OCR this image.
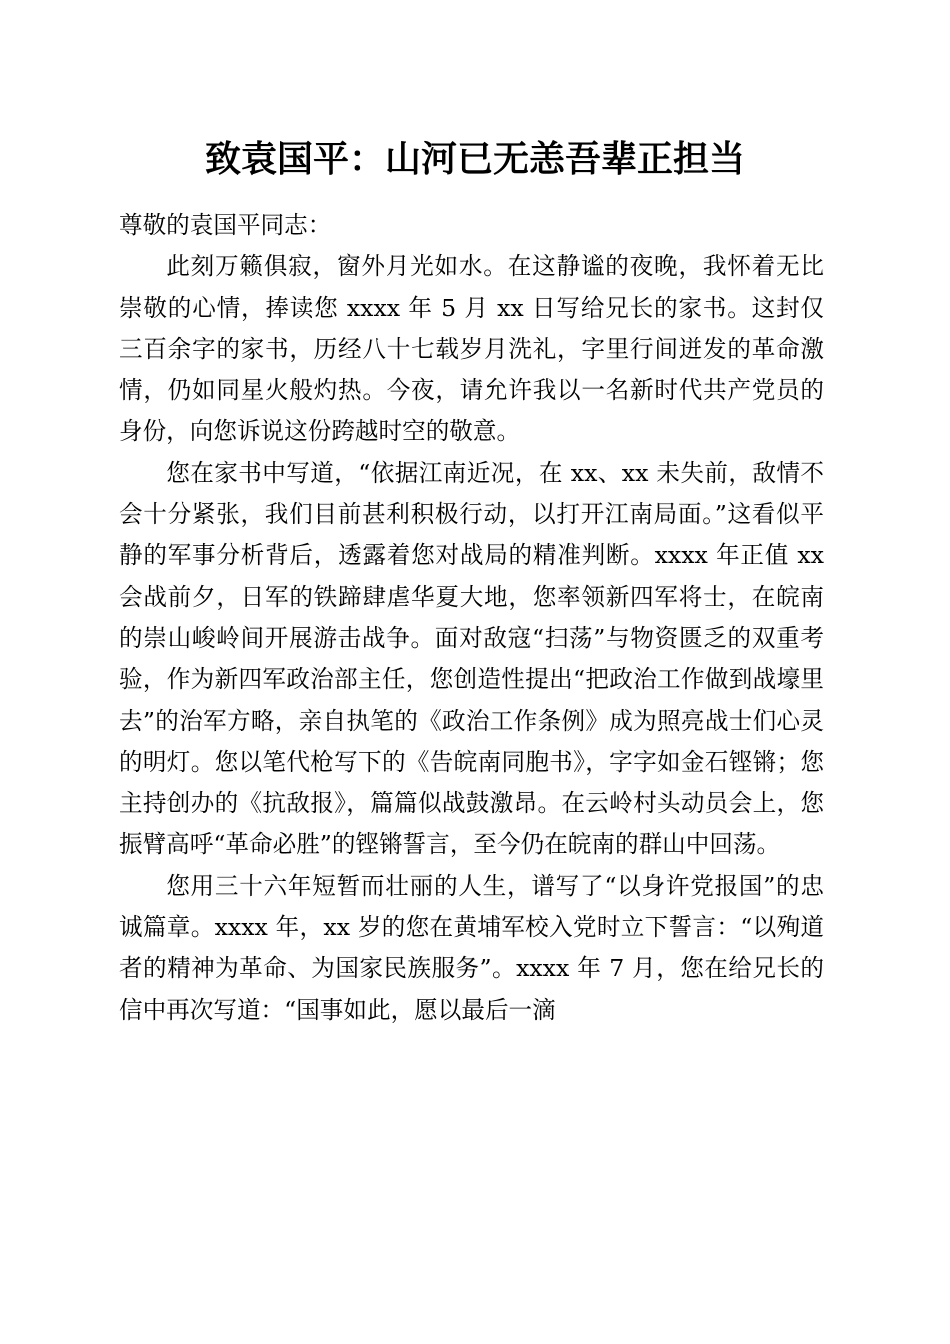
致袁国平：山河已无恙吾辈正担当

尊敬的袁国平同志：

此刻万籁俱寂，窗外月光如水。在这静谧的夜晚，我怀着无比崇敬的心情，捧读您 xxxx 年 5 月 xx 日写给兄长的家书。这封仅三百余字的家书，历经八十七载岁月洗礼，字里行间迸发的革命激情，仍如同星火般灼热。今夜，请允许我以一名新时代共产党员的身份，向您诉说这份跨越时空的敬意。

您在家书中写道，“依据江南近况，在 xx、xx 未失前，敌情不会十分紧张，我们目前甚利积极行动，以打开江南局面。”这看似平静的军事分析背后，透露着您对战局的精准判断。xxxx 年正值 xx 会战前夕，日军的铁蹄肆虐华夏大地，您率领新四军将士，在皖南的崇山峻岭间开展游击战争。面对敌寇“扫荡”与物资匮乏的双重考验，作为新四军政治部主任，您创造性提出“把政治工作做到战壕里去”的治军方略，亲自执笔的《政治工作条例》成为照亮战士们心灵的明灯。您以笔代枪写下的《告皖南同胞书》，字字如金石铿锵；您主持创办的《抗敌报》，篇篇似战鼓激昂。在云岭村头动员会上，您振臂高呼“革命必胜”的铿锵誓言，至今仍在皖南的群山中回荡。

您用三十六年短暂而壮丽的人生，谱写了“以身许党报国”的忠诚篇章。xxxx 年，xx 岁的您在黄埔军校入党时立下誓言：“以殉道者的精神为革命、为国家民族服务”。xxxx 年 7 月，您在给兄长的信中再次写道：“国事如此，愿以最后一滴
